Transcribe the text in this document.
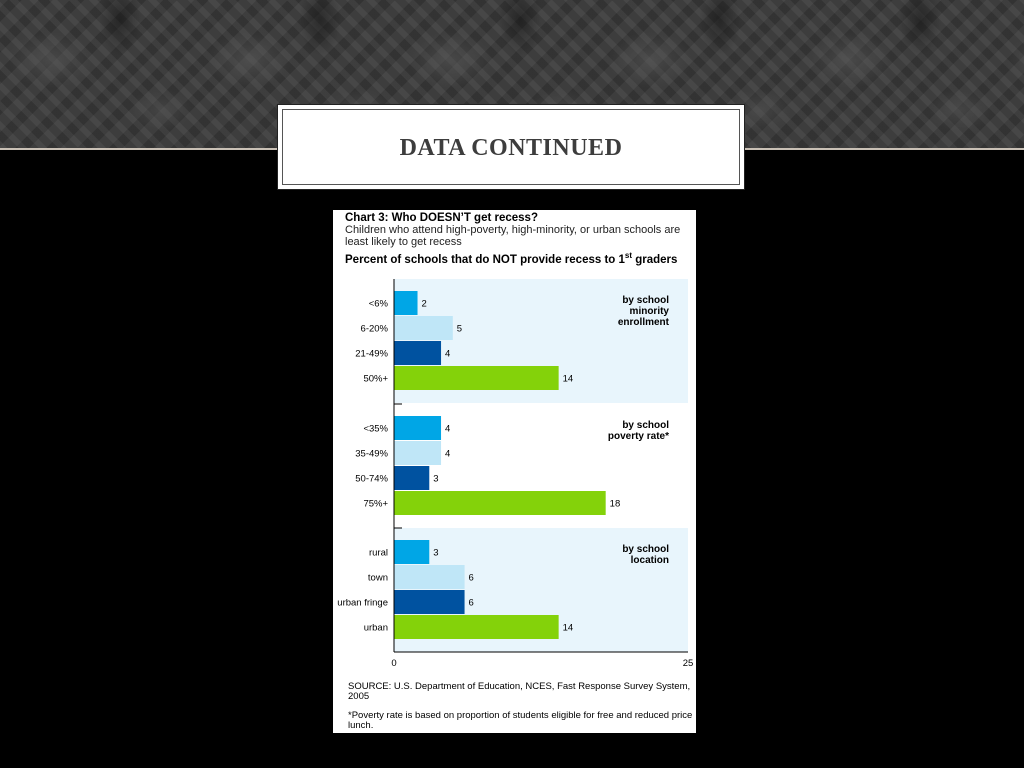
DATA CONTINUED
<6%	2
6-20%	5
21-49%	4
50%+	14
by school
minority
enrollment
<35%	4
35-49%	4
50-74%	3
75%+	18
by school
poverty rate*
rural	3
town	6
urban fringe	6
urban	14
by school
location
0	25
Chart 3: Who DOESN’T get recess?
Children who attend high-poverty, high-minority, or urban schools are least likely to get recess
Percent of schools that do NOT provide recess to 1st graders
SOURCE: U.S. Department of Education, NCES, Fast Response Survey System, 2005
*Poverty rate is based on proportion of students eligible for free and reduced price lunch.
